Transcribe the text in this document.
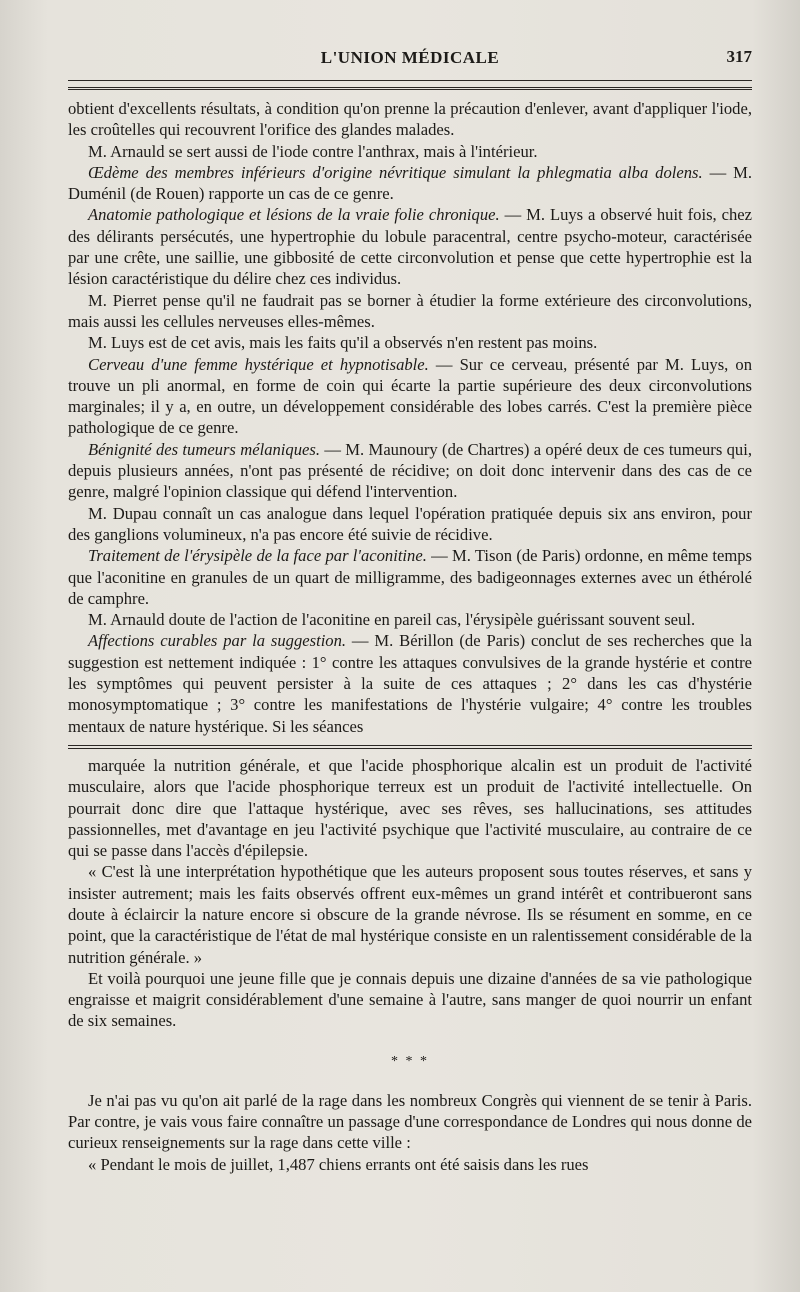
L'UNION MÉDICALE	317

obtient d'excellents résultats, à condition qu'on prenne la précaution d'enlever, avant d'appliquer l'iode, les croûtelles qui recouvrent l'orifice des glandes malades.

M. Arnauld se sert aussi de l'iode contre l'anthrax, mais à l'intérieur.

Œdème des membres inférieurs d'origine névritique simulant la phlegmatia alba dolens. — M. Duménil (de Rouen) rapporte un cas de ce genre.

Anatomie pathologique et lésions de la vraie folie chronique. — M. Luys a observé huit fois, chez des délirants persécutés, une hypertrophie du lobule paracentral, centre psycho-moteur, caractérisée par une crête, une saillie, une gibbosité de cette circonvolution et pense que cette hypertrophie est la lésion caractéristique du délire chez ces individus.

M. Pierret pense qu'il ne faudrait pas se borner à étudier la forme extérieure des circonvolutions, mais aussi les cellules nerveuses elles-mêmes.

M. Luys est de cet avis, mais les faits qu'il a observés n'en restent pas moins.

Cerveau d'une femme hystérique et hypnotisable. — Sur ce cerveau, présenté par M. Luys, on trouve un pli anormal, en forme de coin qui écarte la partie supérieure des deux circonvolutions marginales; il y a, en outre, un développement considérable des lobes carrés. C'est la première pièce pathologique de ce genre.

Bénignité des tumeurs mélaniques. — M. Maunoury (de Chartres) a opéré deux de ces tumeurs qui, depuis plusieurs années, n'ont pas présenté de récidive; on doit donc intervenir dans des cas de ce genre, malgré l'opinion classique qui défend l'intervention.

M. Dupau connaît un cas analogue dans lequel l'opération pratiquée depuis six ans environ, pour des ganglions volumineux, n'a pas encore été suivie de récidive.

Traitement de l'érysipèle de la face par l'aconitine. — M. Tison (de Paris) ordonne, en même temps que l'aconitine en granules de un quart de milligramme, des badigeonnages externes avec un éthérolé de camphre.

M. Arnauld doute de l'action de l'aconitine en pareil cas, l'érysipèle guérissant souvent seul.

Affections curables par la suggestion. — M. Bérillon (de Paris) conclut de ses recherches que la suggestion est nettement indiquée : 1° contre les attaques convulsives de la grande hystérie et contre les symptômes qui peuvent persister à la suite de ces attaques ; 2° dans les cas d'hystérie monosymptomatique ; 3° contre les manifestations de l'hystérie vulgaire; 4° contre les troubles mentaux de nature hystérique. Si les séances

marquée la nutrition générale, et que l'acide phosphorique alcalin est un produit de l'activité musculaire, alors que l'acide phosphorique terreux est un produit de l'activité intellectuelle. On pourrait donc dire que l'attaque hystérique, avec ses rêves, ses hallucinations, ses attitudes passionnelles, met d'avantage en jeu l'activité psychique que l'activité musculaire, au contraire de ce qui se passe dans l'accès d'épilepsie.

« C'est là une interprétation hypothétique que les auteurs proposent sous toutes réserves, et sans y insister autrement; mais les faits observés offrent eux-mêmes un grand intérêt et contribueront sans doute à éclaircir la nature encore si obscure de la grande névrose. Ils se résument en somme, en ce point, que la caractéristique de l'état de mal hystérique consiste en un ralentissement considérable de la nutrition générale. »

Et voilà pourquoi une jeune fille que je connais depuis une dizaine d'années de sa vie pathologique engraisse et maigrit considérablement d'une semaine à l'autre, sans manger de quoi nourrir un enfant de six semaines.

* * *

Je n'ai pas vu qu'on ait parlé de la rage dans les nombreux Congrès qui viennent de se tenir à Paris. Par contre, je vais vous faire connaître un passage d'une correspondance de Londres qui nous donne de curieux renseignements sur la rage dans cette ville :

« Pendant le mois de juillet, 1,487 chiens errants ont été saisis dans les rues
